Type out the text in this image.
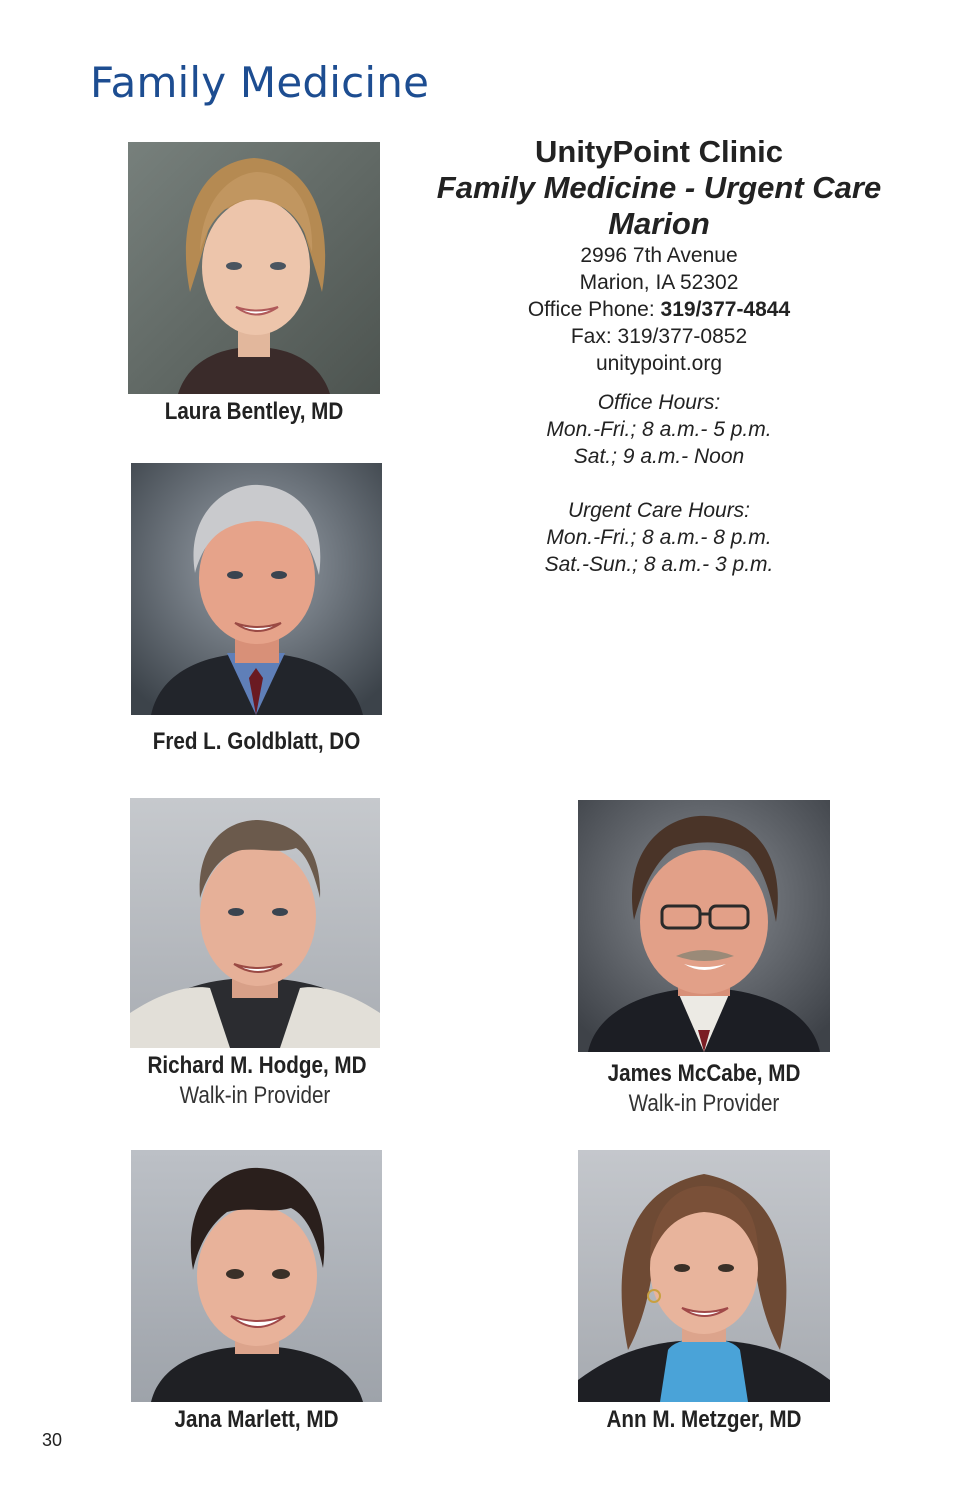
Family Medicine
Laura Bentley, MD
Fred L. Goldblatt, DO
UnityPoint Clinic
Family Medicine - Urgent Care
Marion
2996 7th Avenue
Marion, IA 52302
Office Phone: 319/377-4844
Fax: 319/377-0852
unitypoint.org
Office Hours:
Mon.-Fri.; 8 a.m.- 5 p.m.
Sat.; 9 a.m.- Noon
Urgent Care Hours:
Mon.-Fri.; 8 a.m.- 8 p.m.
Sat.-Sun.; 8 a.m.- 3 p.m.
Richard M. Hodge, MD
Walk-in Provider
James McCabe, MD
Walk-in Provider
Jana Marlett, MD	Ann M. Metzger, MD
30
